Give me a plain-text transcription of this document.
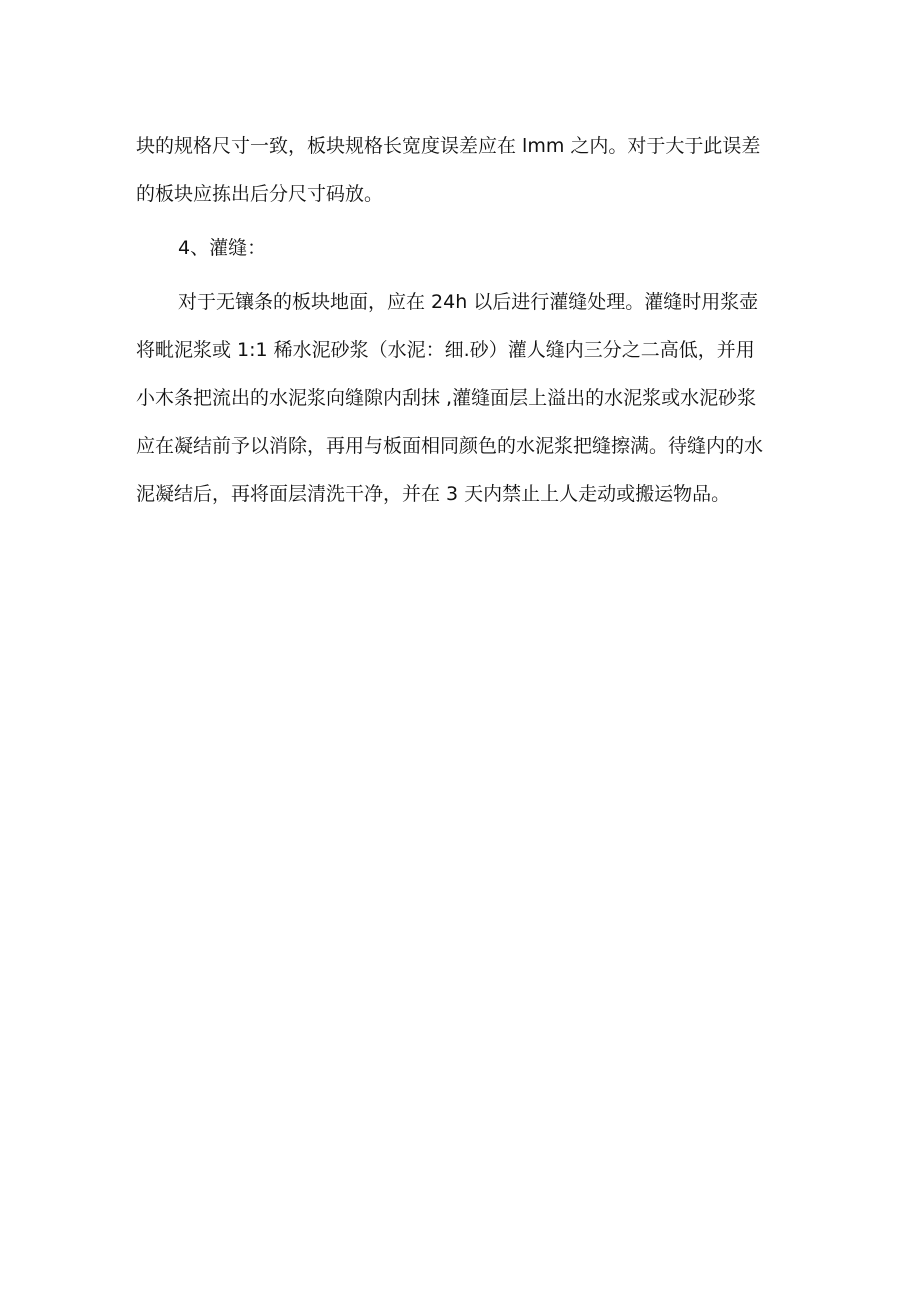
块的规格尺寸一致，板块规格长宽度误差应在 lmm 之内。对于大于此误差
的板块应拣出后分尺寸码放。
4、灌缝：
对于无镶条的板块地面，应在 24h 以后进行灌缝处理。灌缝时用浆壶
将毗泥浆或 1:1 稀水泥砂浆（水泥：细.砂）灌人缝内三分之二高低，并用
小木条把流出的水泥浆向缝隙内刮抹 ,灌缝面层上溢出的水泥浆或水泥砂浆
应在凝结前予以消除，再用与板面相同颜色的水泥浆把缝擦满。待缝内的水
泥凝结后，再将面层清洗干净，并在 3 天内禁止上人走动或搬运物品。
